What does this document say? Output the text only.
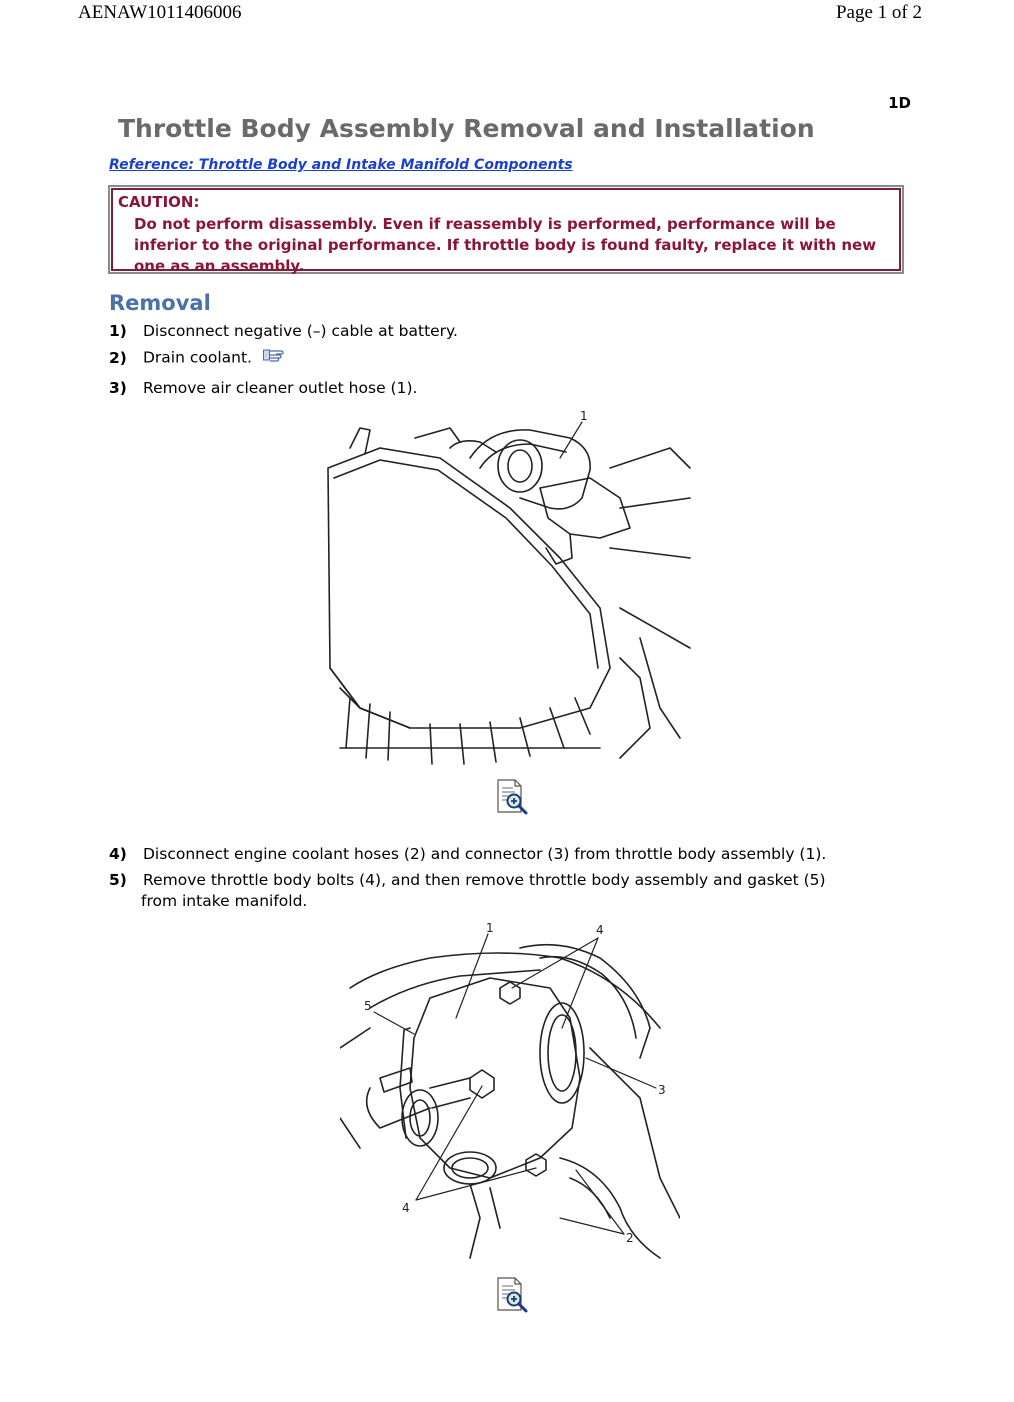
AENAW1011406006	Page 1 of 2
1D
Throttle Body Assembly Removal and Installation
Reference: Throttle Body and Intake Manifold Components
CAUTION:
Do not perform disassembly. Even if reassembly is performed, performance will be inferior to the original performance. If throttle body is found faulty, replace it with new one as an assembly.
Removal
1) Disconnect negative (–) cable at battery.
2) Drain coolant.
3) Remove air cleaner outlet hose (1).
1
4) Disconnect engine coolant hoses (2) and connector (3) from throttle body assembly (1).
5) Remove throttle body bolts (4), and then remove throttle body assembly and gasket (5)
from intake manifold.
1	4
5
3
4
2
